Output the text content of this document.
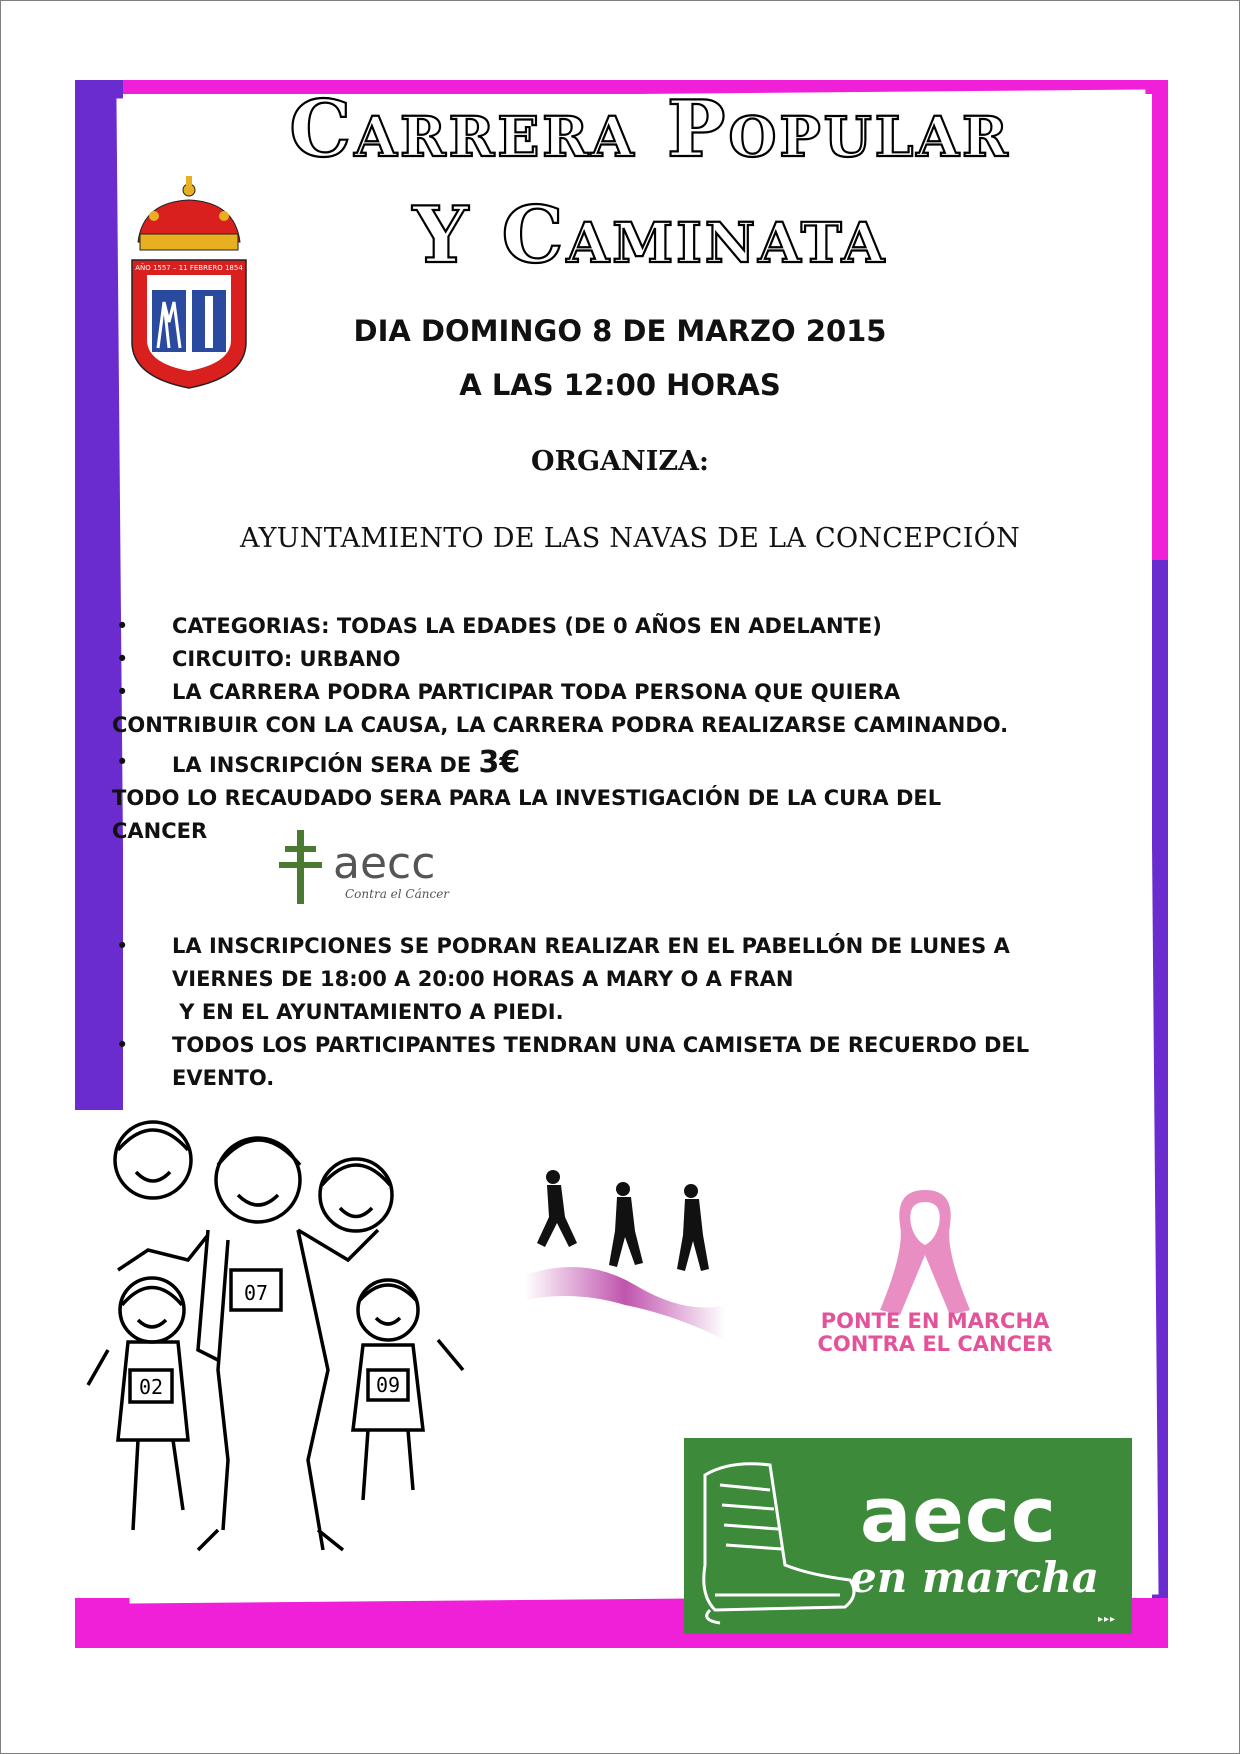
AÑO 1557 – 11 FEBRERO 1854
Carrera Popular
Y Caminata
DIA DOMINGO 8 DE MARZO 2015
A LAS 12:00 HORAS
ORGANIZA:
AYUNTAMIENTO DE LAS NAVAS DE LA CONCEPCIÓN
• CATEGORIAS: TODAS LA EDADES (DE 0 AÑOS EN ADELANTE)
• CIRCUITO: URBANO
• LA CARRERA PODRA PARTICIPAR TODA PERSONA QUE QUIERA
CONTRIBUIR CON LA CAUSA, LA CARRERA PODRA REALIZARSE CAMINANDO.
• LA INSCRIPCIÓN SERA DE 3€
TODO LO RECAUDADO SERA PARA LA INVESTIGACIÓN DE LA CURA DEL
CANCER
• LA INSCRIPCIONES SE PODRAN REALIZAR EN EL PABELLÓN DE LUNES A
VIERNES DE 18:00 A 20:00 HORAS A MARY O A FRAN
Y EN EL AYUNTAMIENTO A PIEDI.
• TODOS LOS PARTICIPANTES TENDRAN UNA CAMISETA DE RECUERDO DEL
EVENTO.
aecc
Contra el Cáncer
07
02	09
PONTE EN MARCHA
CONTRA EL CANCER
aecc
en marcha
▸▸▸
